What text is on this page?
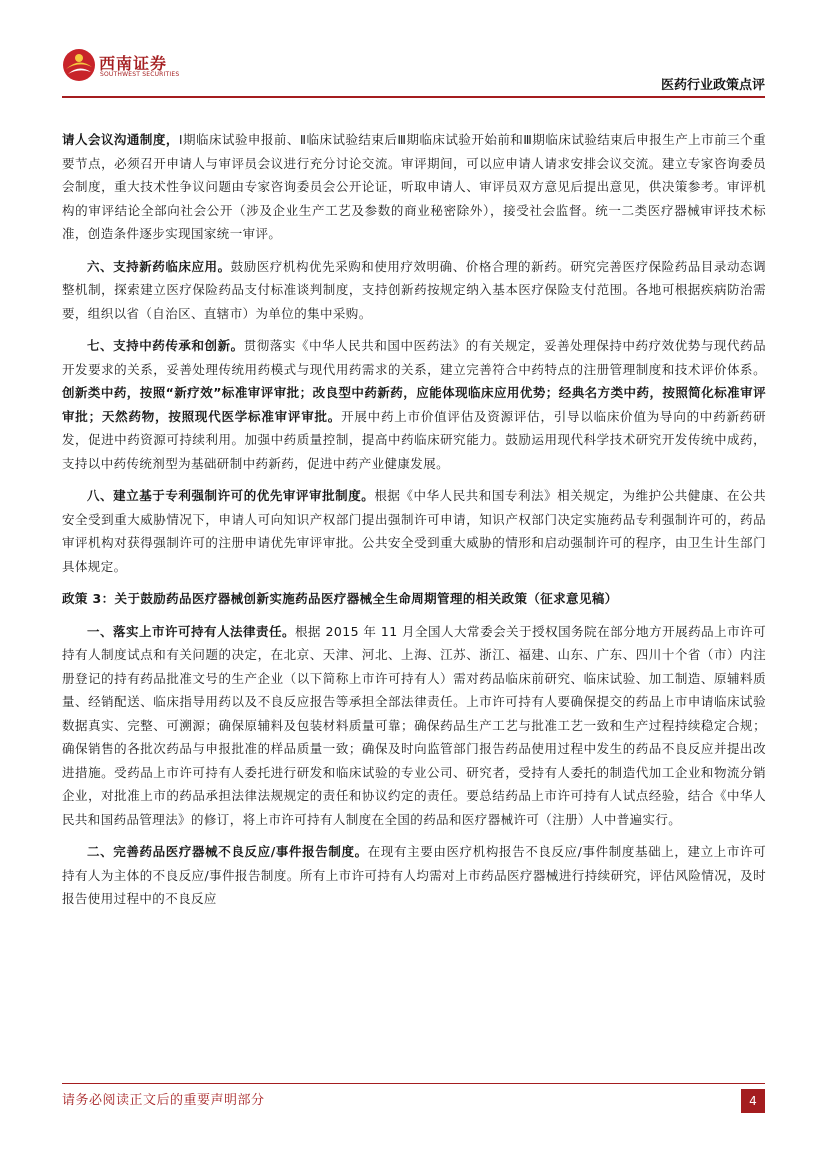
西南证券
SOUTHWEST SECURITIES
医药行业政策点评

请人会议沟通制度，Ⅰ期临床试验申报前、Ⅱ临床试验结束后Ⅲ期临床试验开始前和Ⅲ期临床试验结束后申报生产上市前三个重要节点，必须召开申请人与审评员会议进行充分讨论交流。审评期间，可以应申请人请求安排会议交流。建立专家咨询委员会制度，重大技术性争议问题由专家咨询委员会公开论证，听取申请人、审评员双方意见后提出意见，供决策参考。审评机构的审评结论全部向社会公开（涉及企业生产工艺及参数的商业秘密除外），接受社会监督。统一二类医疗器械审评技术标准，创造条件逐步实现国家统一审评。

六、支持新药临床应用。鼓励医疗机构优先采购和使用疗效明确、价格合理的新药。研究完善医疗保险药品目录动态调整机制，探索建立医疗保险药品支付标准谈判制度，支持创新药按规定纳入基本医疗保险支付范围。各地可根据疾病防治需要，组织以省（自治区、直辖市）为单位的集中采购。

七、支持中药传承和创新。贯彻落实《中华人民共和国中医药法》的有关规定，妥善处理保持中药疗效优势与现代药品开发要求的关系，妥善处理传统用药模式与现代用药需求的关系，建立完善符合中药特点的注册管理制度和技术评价体系。创新类中药，按照“新疗效”标准审评审批；改良型中药新药，应能体现临床应用优势；经典名方类中药，按照简化标准审评审批；天然药物，按照现代医学标准审评审批。开展中药上市价值评估及资源评估，引导以临床价值为导向的中药新药研发，促进中药资源可持续利用。加强中药质量控制，提高中药临床研究能力。鼓励运用现代科学技术研究开发传统中成药，支持以中药传统剂型为基础研制中药新药，促进中药产业健康发展。

八、建立基于专利强制许可的优先审评审批制度。根据《中华人民共和国专利法》相关规定，为维护公共健康、在公共安全受到重大威胁情况下，申请人可向知识产权部门提出强制许可申请，知识产权部门决定实施药品专利强制许可的，药品审评机构对获得强制许可的注册申请优先审评审批。公共安全受到重大威胁的情形和启动强制许可的程序，由卫生计生部门具体规定。

政策 3：关于鼓励药品医疗器械创新实施药品医疗器械全生命周期管理的相关政策（征求意见稿）

一、落实上市许可持有人法律责任。根据 2015 年 11 月全国人大常委会关于授权国务院在部分地方开展药品上市许可持有人制度试点和有关问题的决定，在北京、天津、河北、上海、江苏、浙江、福建、山东、广东、四川十个省（市）内注册登记的持有药品批准文号的生产企业（以下简称上市许可持有人）需对药品临床前研究、临床试验、加工制造、原辅料质量、经销配送、临床指导用药以及不良反应报告等承担全部法律责任。上市许可持有人要确保提交的药品上市申请临床试验数据真实、完整、可溯源；确保原辅料及包装材料质量可靠；确保药品生产工艺与批准工艺一致和生产过程持续稳定合规；确保销售的各批次药品与申报批准的样品质量一致；确保及时向监管部门报告药品使用过程中发生的药品不良反应并提出改进措施。受药品上市许可持有人委托进行研发和临床试验的专业公司、研究者，受持有人委托的制造代加工企业和物流分销企业，对批准上市的药品承担法律法规规定的责任和协议约定的责任。要总结药品上市许可持有人试点经验，结合《中华人民共和国药品管理法》的修订，将上市许可持有人制度在全国的药品和医疗器械许可（注册）人中普遍实行。

二、完善药品医疗器械不良反应/事件报告制度。在现有主要由医疗机构报告不良反应/事件制度基础上，建立上市许可持有人为主体的不良反应/事件报告制度。所有上市许可持有人均需对上市药品医疗器械进行持续研究，评估风险情况，及时报告使用过程中的不良反应

请务必阅读正文后的重要声明部分	4
